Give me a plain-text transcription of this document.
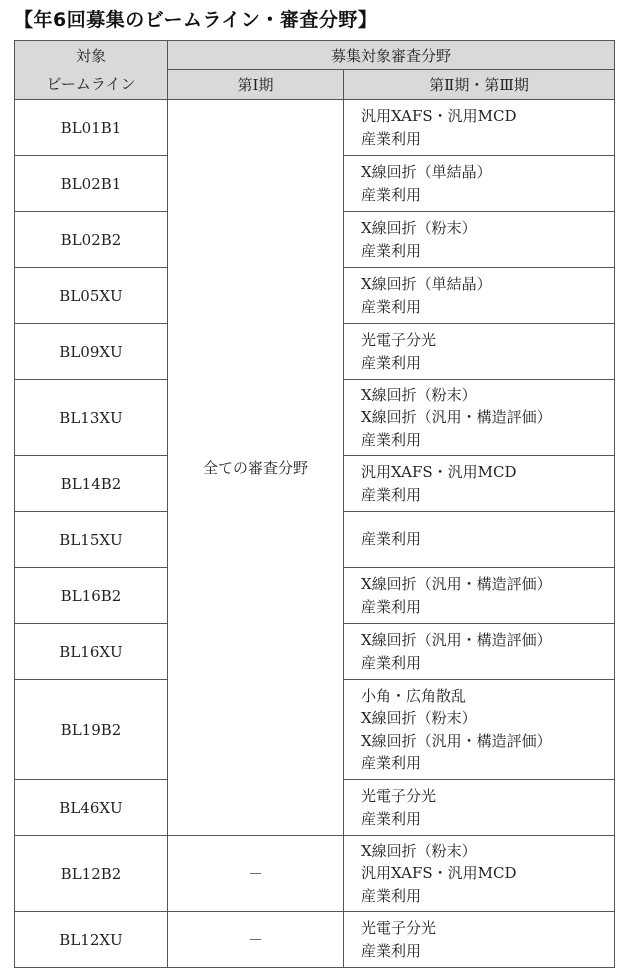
【年6回募集のビームライン・審査分野】
対象
ビームライン	募集対象審査分野	
	第Ⅰ期	第Ⅱ期・第Ⅲ期
BL01B1	全ての審査分野	汎用XAFS・汎用MCD
産業利用

BL02B1		X線回折（単結晶）
産業利用

BL02B2		X線回折（粉末）
産業利用

BL05XU		X線回折（単結晶）
産業利用

BL09XU		光電子分光
産業利用

BL13XU		X線回折（粉末）
X線回折（汎用・構造評価）
産業利用

BL14B2		汎用XAFS・汎用MCD
産業利用

BL15XU		産業利用

BL16B2		X線回折（汎用・構造評価）
産業利用

BL16XU		X線回折（汎用・構造評価）
産業利用

BL19B2		小角・広角散乱
X線回折（粉末）
X線回折（汎用・構造評価）
産業利用

BL46XU		光電子分光
産業利用

BL12B2	－	X線回折（粉末）
汎用XAFS・汎用MCD
産業利用

BL12XU	－	光電子分光
産業利用
